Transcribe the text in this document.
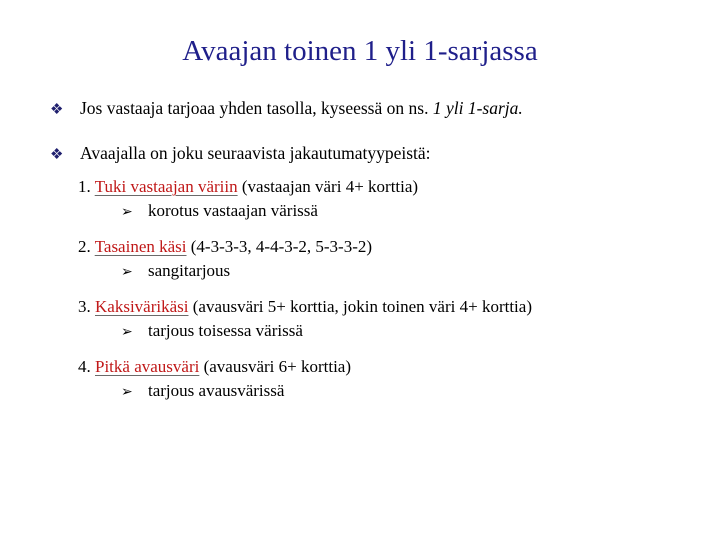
Avaajan toinen 1 yli 1-sarjassa
❖ Jos vastaaja tarjoaa yhden tasolla, kyseessä on ns. 1 yli 1-sarja.
❖ Avaajalla on joku seuraavista jakautumatyypeistä:
1. Tuki vastaajan väriin (vastaajan väri 4+ korttia)
➢ korotus vastaajan värissä
2. Tasainen käsi (4-3-3-3, 4-4-3-2, 5-3-3-2)
➢ sangitarjous
3. Kaksivärikäsi (avausväri 5+ korttia, jokin toinen väri 4+ korttia)
➢ tarjous toisessa värissä
4. Pitkä avausväri (avausväri 6+ korttia)
➢ tarjous avausvärissä
